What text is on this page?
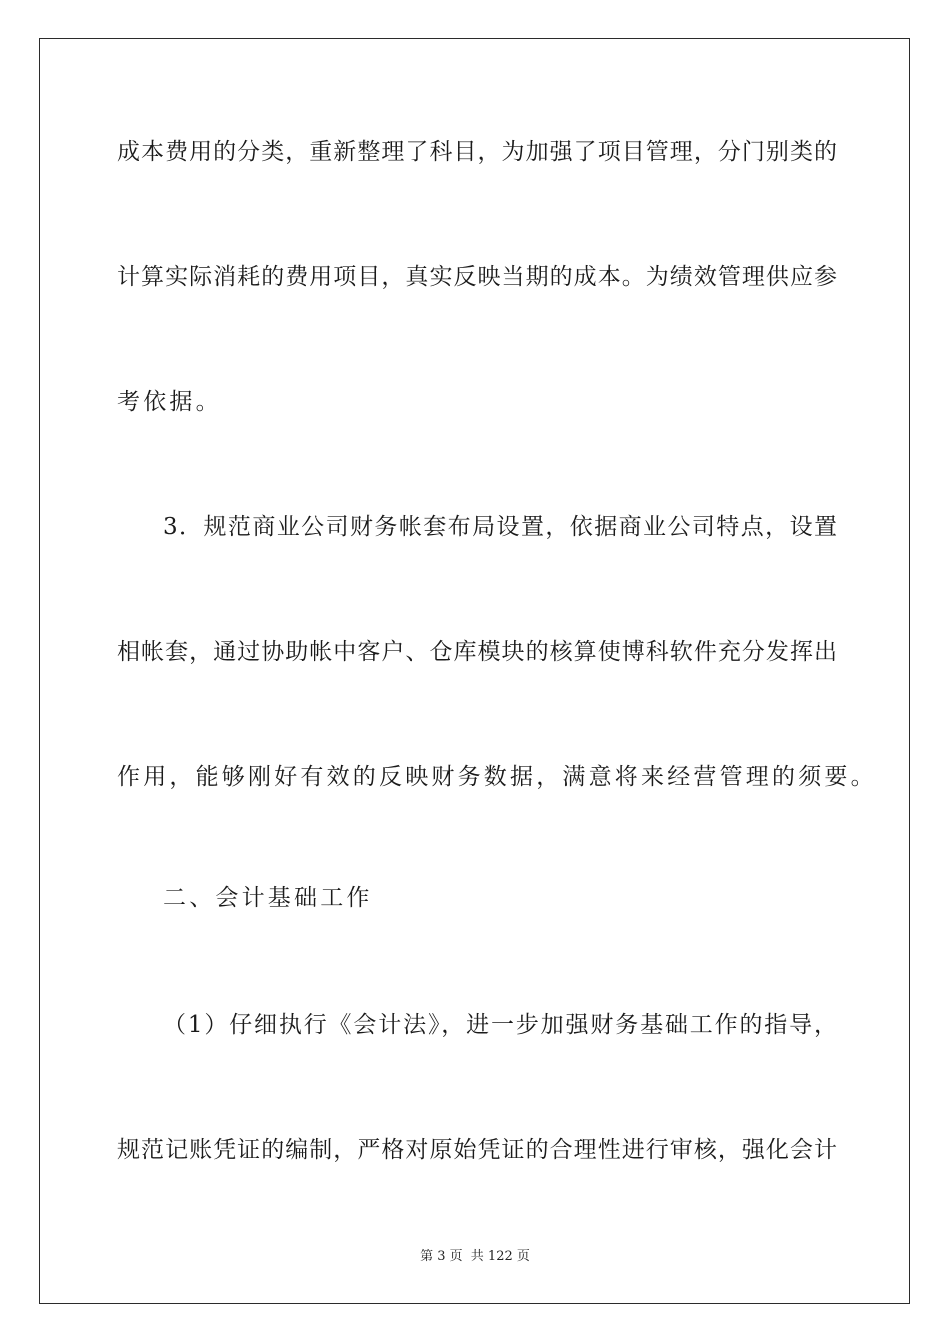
成本费用的分类，重新整理了科目，为加强了项目管理，分门别类的
计算实际消耗的费用项目，真实反映当期的成本。为绩效管理供应参
考依据。
3．规范商业公司财务帐套布局设置，依据商业公司特点，设置
相帐套，通过协助帐中客户、仓库模块的核算使博科软件充分发挥出
作用，能够刚好有效的反映财务数据，满意将来经营管理的须要。
二、会计基础工作
（1）仔细执行《会计法》，进一步加强财务基础工作的指导，
规范记账凭证的编制，严格对原始凭证的合理性进行审核，强化会计
第 3 页 共 122 页
